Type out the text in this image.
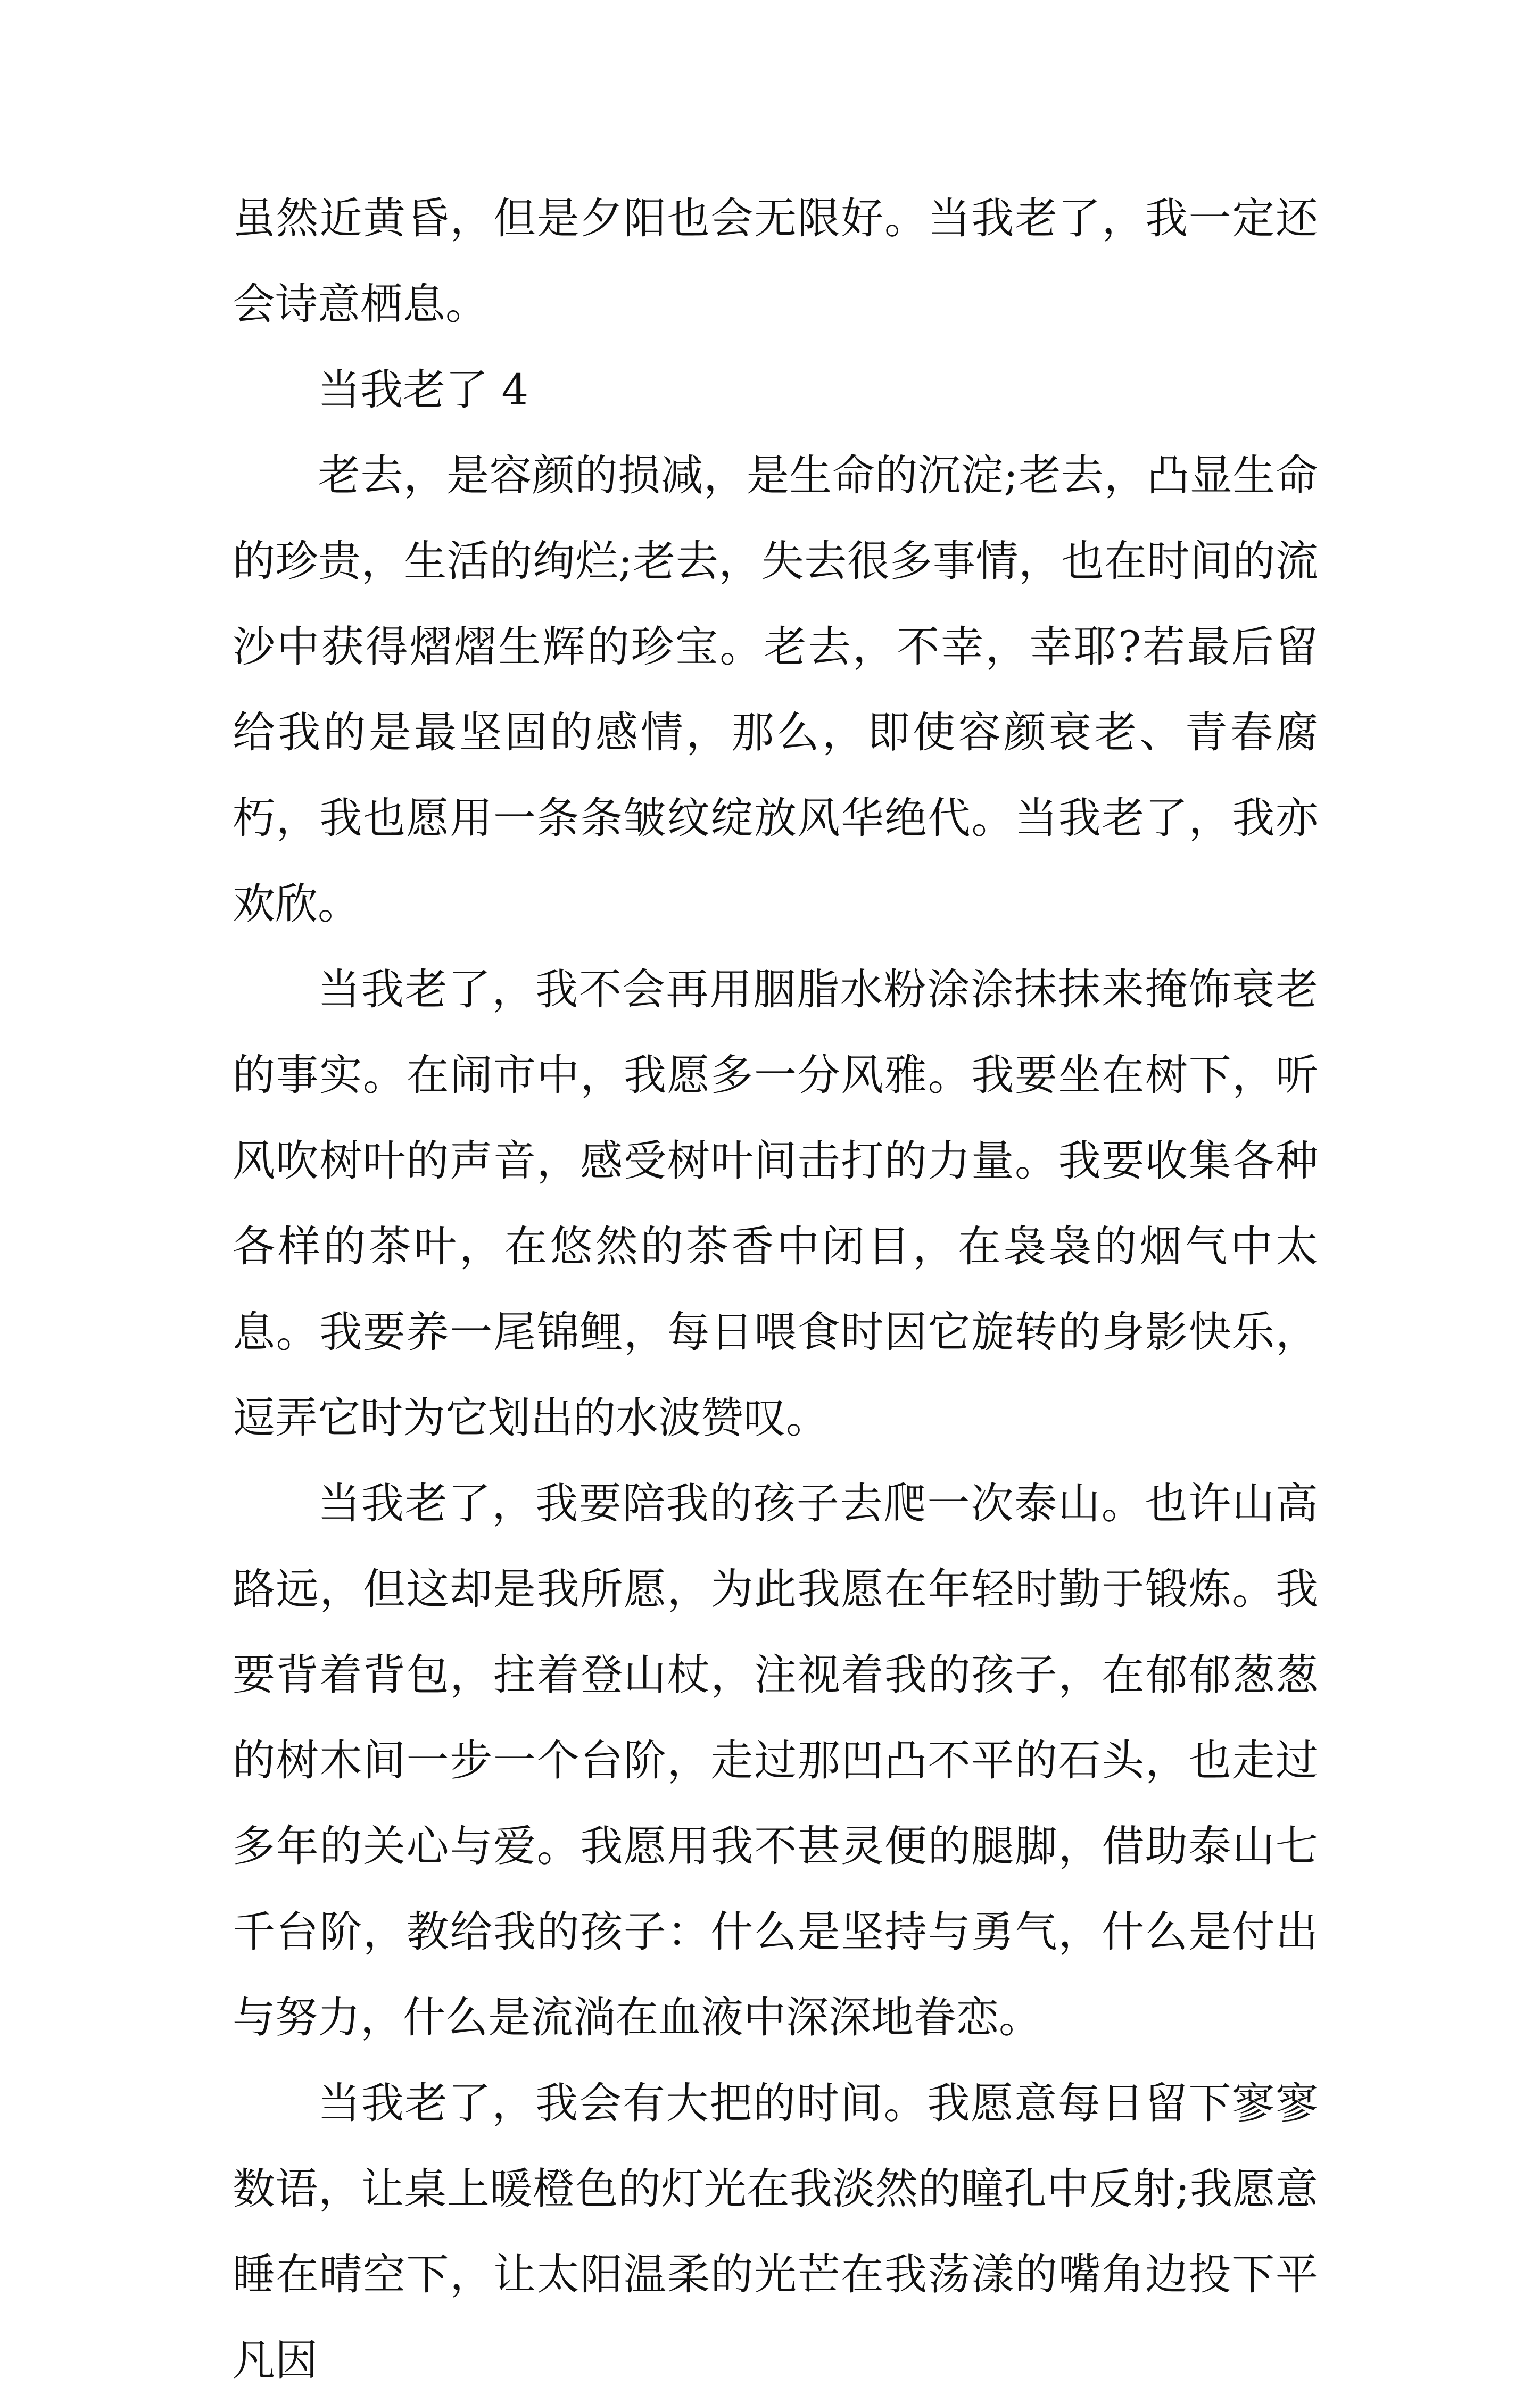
虽然近黄昏，但是夕阳也会无限好。当我老了，我一定还会诗意栖息。

当我老了 4

老去，是容颜的损减，是生命的沉淀;老去，凸显生命的珍贵，生活的绚烂;老去，失去很多事情，也在时间的流沙中获得熠熠生辉的珍宝。老去，不幸，幸耶?若最后留给我的是最坚固的感情，那么，即使容颜衰老、青春腐朽，我也愿用一条条皱纹绽放风华绝代。当我老了，我亦欢欣。

当我老了，我不会再用胭脂水粉涂涂抹抹来掩饰衰老的事实。在闹市中，我愿多一分风雅。我要坐在树下，听风吹树叶的声音，感受树叶间击打的力量。我要收集各种各样的茶叶，在悠然的茶香中闭目，在袅袅的烟气中太息。我要养一尾锦鲤，每日喂食时因它旋转的身影快乐，逗弄它时为它划出的水波赞叹。

当我老了，我要陪我的孩子去爬一次泰山。也许山高路远，但这却是我所愿，为此我愿在年轻时勤于锻炼。我要背着背包，拄着登山杖，注视着我的孩子，在郁郁葱葱的树木间一步一个台阶，走过那凹凸不平的石头，也走过多年的关心与爱。我愿用我不甚灵便的腿脚，借助泰山七千台阶，教给我的孩子：什么是坚持与勇气，什么是付出与努力，什么是流淌在血液中深深地眷恋。

当我老了，我会有大把的时间。我愿意每日留下寥寥数语，让桌上暖橙色的灯光在我淡然的瞳孔中反射;我愿意睡在晴空下，让太阳温柔的光芒在我荡漾的嘴角边投下平凡因
